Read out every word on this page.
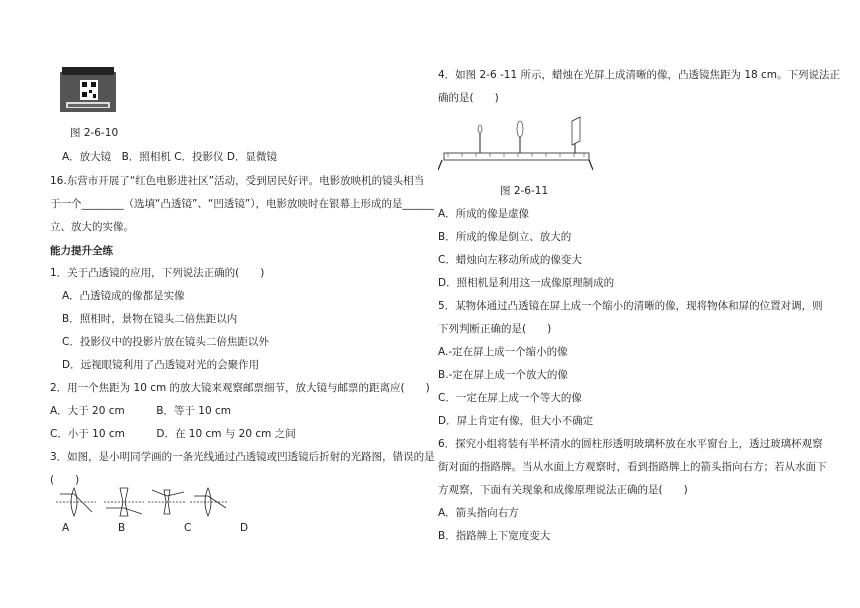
图 2-6-10
A．放大镜　B．照相机 C．投影仪 D．显微镜
16.东营市开展了“红色电影进社区”活动，受到居民好评。电影放映机的镜头相当
于一个________（选填“凸透镜”、“凹透镜”），电影放映时在银幕上形成的是______
立、放大的实像。
能力提升全练
1．关于凸透镜的应用，下列说法正确的(　　)
A．凸透镜成的像都是实像
B．照相时，景物在镜头二倍焦距以内
C．投影仪中的投影片放在镜头二倍焦距以外
D．远视眼镜利用了凸透镜对光的会聚作用
2．用一个焦距为 10 cm 的放大镜来观察邮票细节，放大镜与邮票的距离应(　　)
A．大于 20 cm　　　B．等于 10 cm
C．小于 10 cm　　　D．在 10 cm 与 20 cm 之间
3．如图，是小明同学画的一条光线通过凸透镜或凹透镜后折射的光路图，错误的是
(　　)
A	B	C	D
4．如图 2-6 -11 所示，蜡烛在光屏上成清晰的像，凸透镜焦距为 18 cm。下列说法正
确的是(　　)
图 2-6-11
A．所成的像是虚像
B．所成的像是倒立、放大的
C．蜡烛向左移动所成的像变大
D．照相机是利用这一成像原理制成的
5．某物体通过凸透镜在屏上成一个缩小的清晰的像，现将物体和屏的位置对调，则
下列判断正确的是(　　)
A.-定在屏上成一个缩小的像
B.-定在屏上成一个放大的像
C．一定在屏上成一个等大的像
D．屏上肯定有像，但大小不确定
6．探究小组将装有半杯清水的圆柱形透明玻璃杯放在水平窗台上，透过玻璃杯观察
街对面的指路牌。当从水面上方观察时，看到指路牌上的箭头指向右方；若从水面下
方观察，下面有关现象和成像原理说法正确的是(　　)
A．箭头指向右方
B．指路牌上下宽度变大
